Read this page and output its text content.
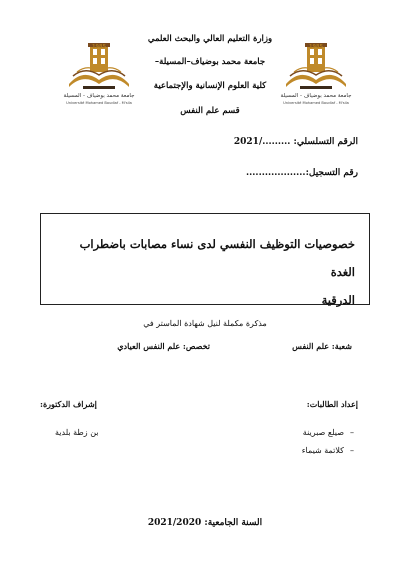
1985
جامعة محمد بوضياف - المسيلة
Université Mohamed Boudiaf - M'sila
1985
جامعة محمد بوضياف - المسيلة
Université Mohamed Boudiaf - M'sila
وزارة التعليم العالي والبحث العلمي
جامعة محمد بوضياف–المسيلة–
كلية العلوم الإنسانية والإجتماعية
قسم علم النفس
الرقم التسلسلي: ........./2021
رقم التسجيل:...................

خصوصيات التوظيف النفسي لدى نساء مصابات باضطراب الغدة

الدرقية

مذكرة مكملة لنيل شهادة الماستر في
شعبة: علم النفس
تخصص: علم النفس العيادي
إعداد الطالبات:
–
صيلع صبرينة
–
كلاتمة شيماء
إشراف الدكتورة:
بن زطة بلدية
السنة الجامعية: 2021/2020
